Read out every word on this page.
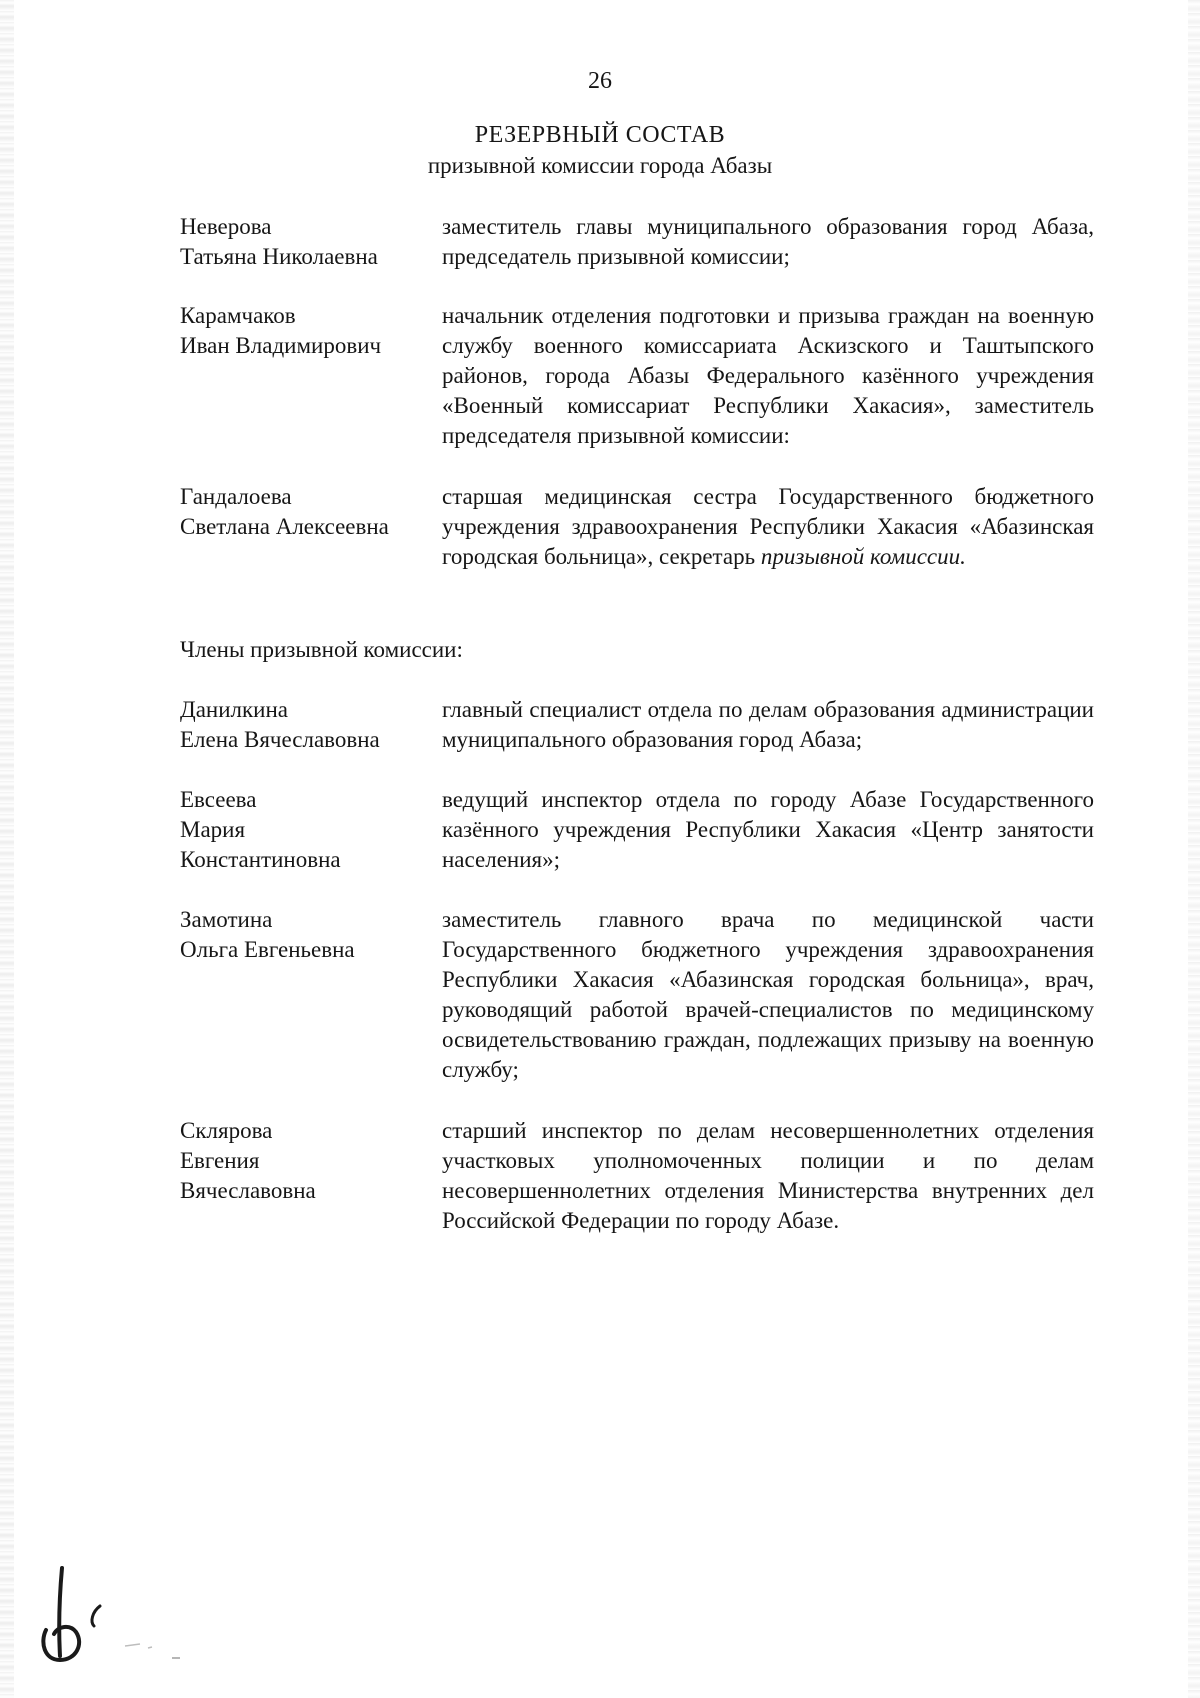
26
РЕЗЕРВНЫЙ СОСТАВ
призывной комиссии города Абазы
Неверова
Татьяна Николаевна
заместитель главы муниципального образования город Абаза, председатель призывной комиссии;
Карамчаков
Иван Владимирович
начальник отделения подготовки и призыва граждан на военную службу военного комиссариата Аскизского и Таштыпского районов, города Абазы Федерального казённого учреждения «Военный комиссариат Республики Хакасия», заместитель председателя призывной комиссии:
Гандалоева
Светлана Алексеевна
старшая медицинская сестра Государственного бюджетного учреждения здравоохранения Республики Хакасия «Абазинская городская больница», секретарь призывной комиссии.
Члены призывной комиссии:
Данилкина
Елена Вячеславовна
главный специалист отдела по делам образования администрации муниципального образования город Абаза;
Евсеева
Мария
Константиновна
ведущий инспектор отдела по городу Абазе Государственного казённого учреждения Республики Хакасия «Центр занятости населения»;
Замотина
Ольга Евгеньевна
заместитель главного врача по медицинской части Государственного бюджетного учреждения здравоохранения Республики Хакасия «Абазинская городская больница», врач, руководящий работой врачей-специалистов по медицинскому освидетельствованию граждан, подлежащих призыву на военную службу;
Склярова
Евгения
Вячеславовна
старший инспектор по делам несовершеннолетних отделения участковых уполномоченных полиции и по делам несовершеннолетних отделения Министерства внутренних дел Российской Федерации по городу Абазе.
